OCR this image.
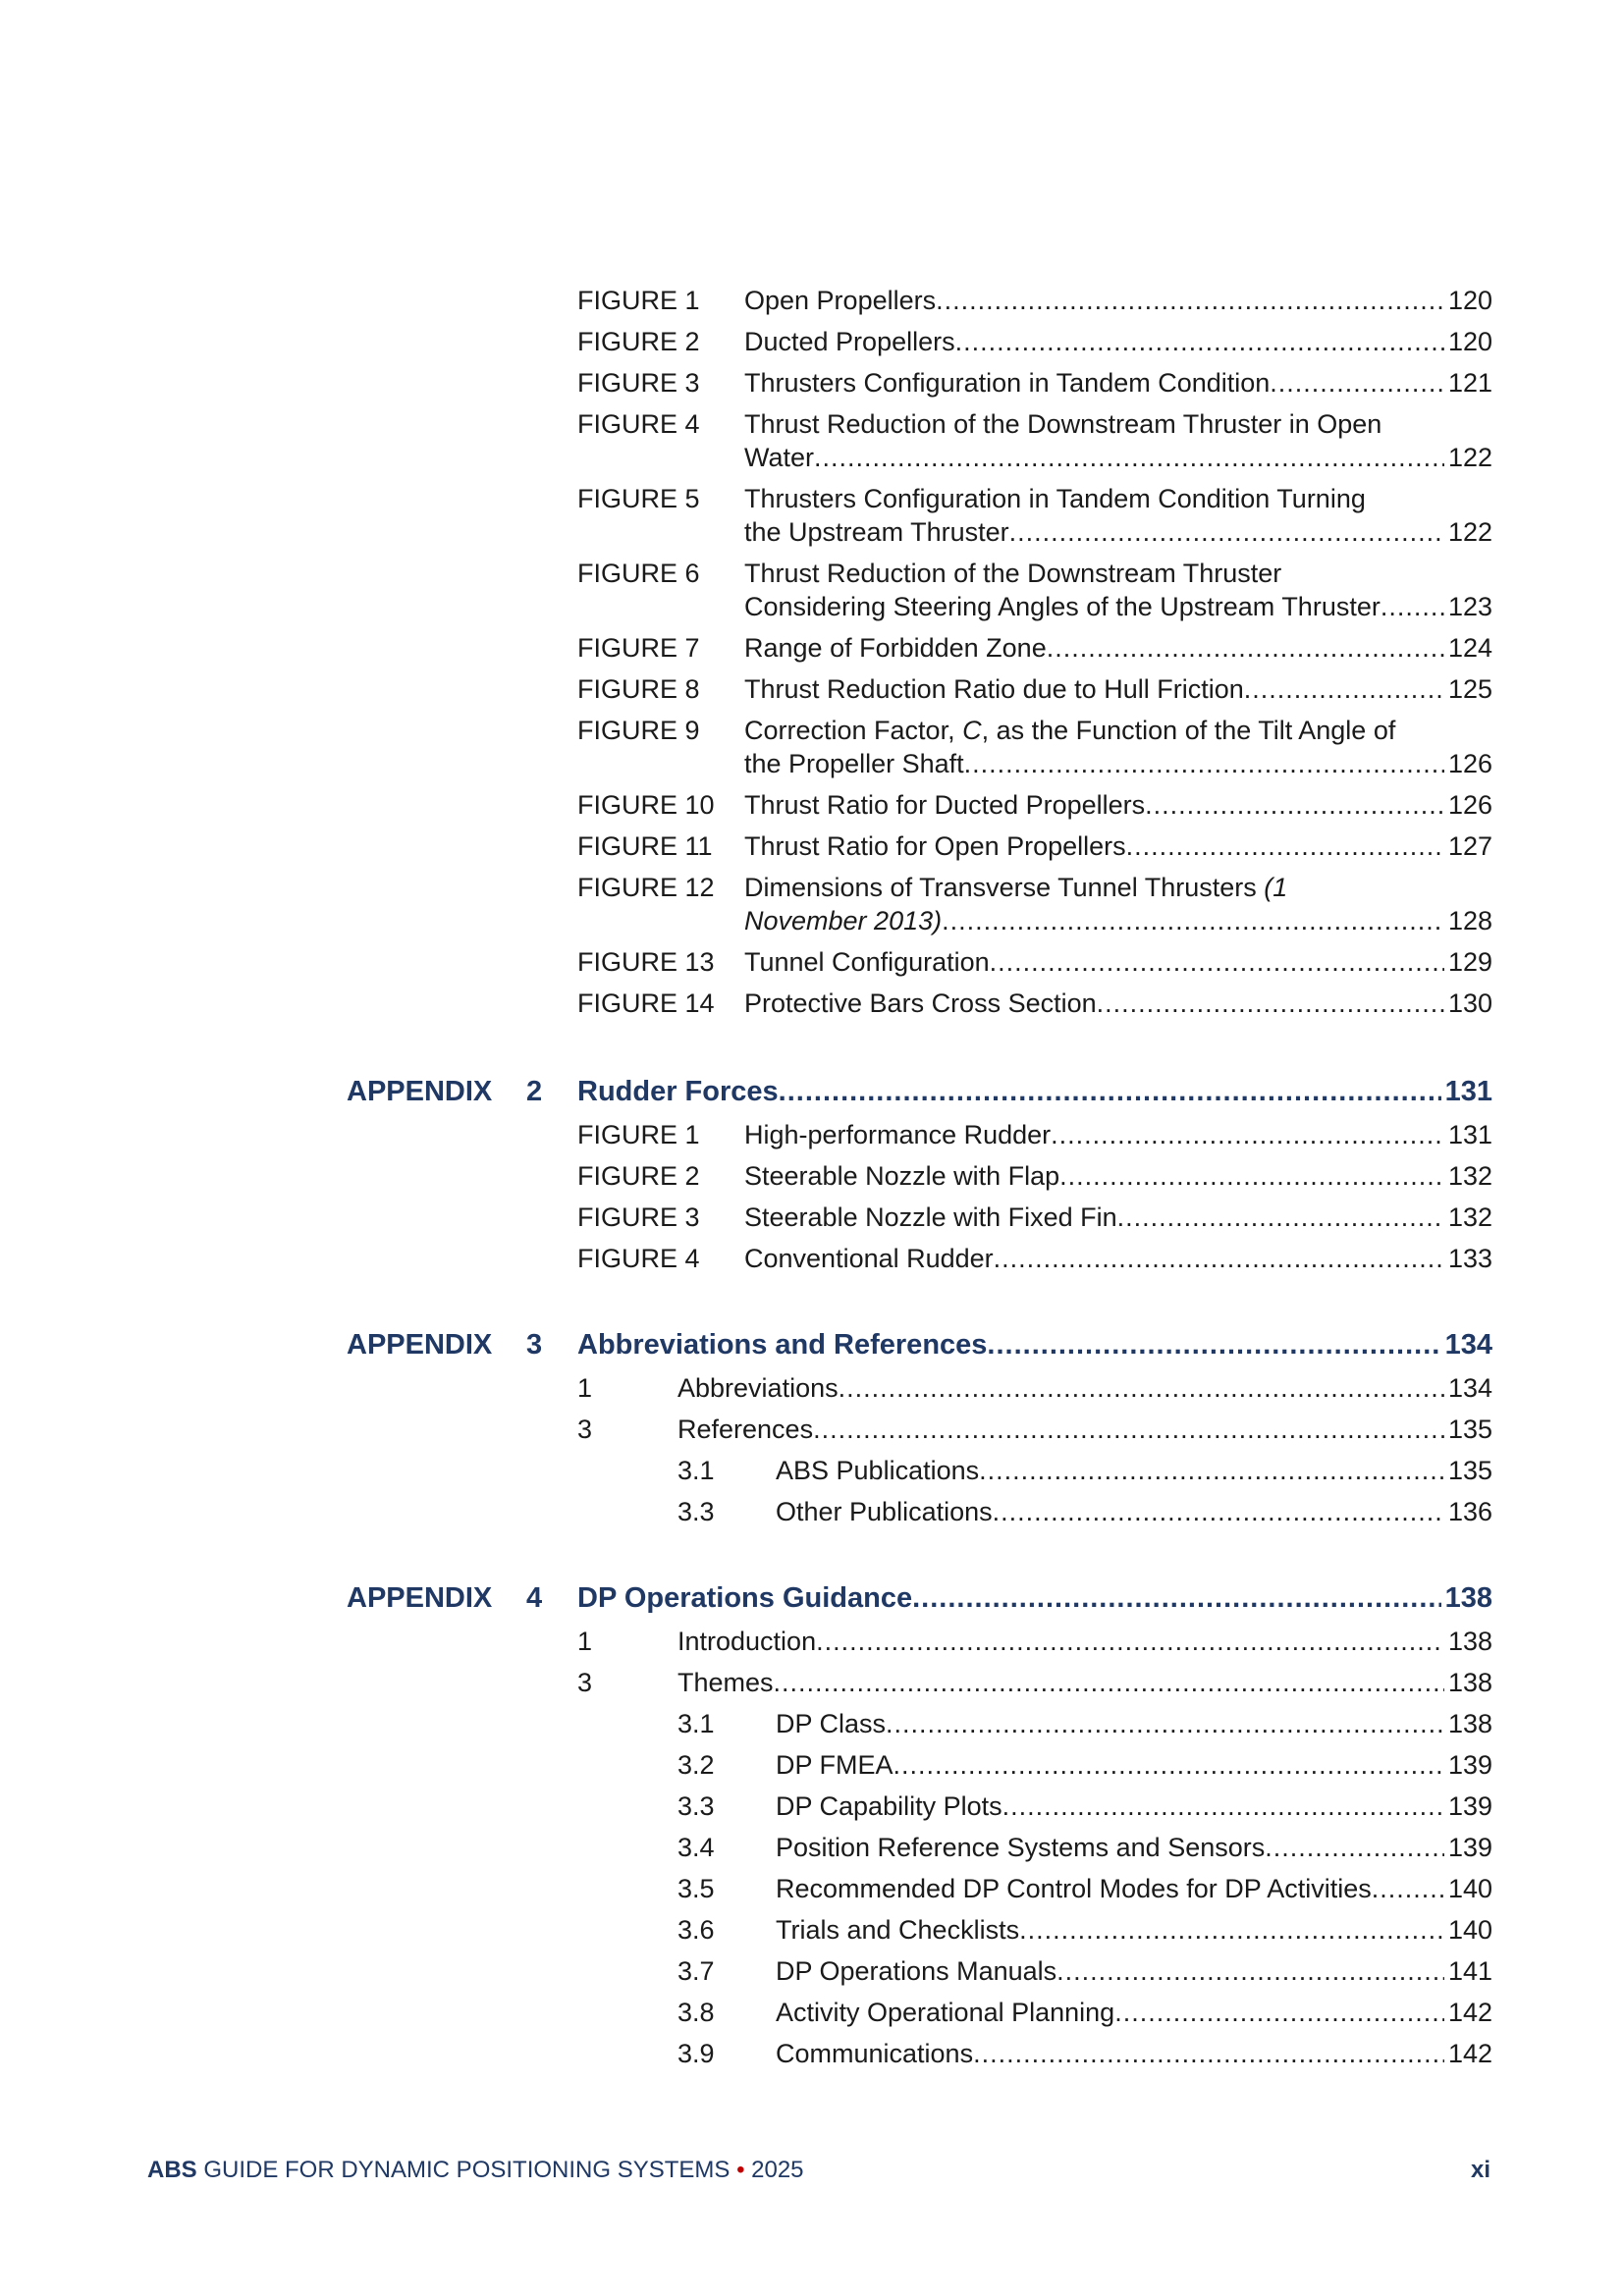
FIGURE 1 Open Propellers .....	120
FIGURE 2 Ducted Propellers .....	120
FIGURE 3 Thrusters Configuration in Tandem Condition .....	121
FIGURE 4 Thrust Reduction of the Downstream Thruster in Open
Water .....	122
FIGURE 5 Thrusters Configuration in Tandem Condition Turning
the Upstream Thruster .....	122
FIGURE 6 Thrust Reduction of the Downstream Thruster
Considering Steering Angles of the Upstream Thruster .....	123
FIGURE 7 Range of Forbidden Zone .....	124
FIGURE 8 Thrust Reduction Ratio due to Hull Friction .....	125
FIGURE 9 Correction Factor, C, as the Function of the Tilt Angle of
the Propeller Shaft .....	126
FIGURE 10 Thrust Ratio for Ducted Propellers .....	126
FIGURE 11 Thrust Ratio for Open Propellers .....	127
FIGURE 12 Dimensions of Transverse Tunnel Thrusters (1
November 2013) .....	128
FIGURE 13 Tunnel Configuration .....	129
FIGURE 14 Protective Bars Cross Section .....	130
APPENDIX 2 Rudder Forces .....	131
FIGURE 1 High-performance Rudder .....	131
FIGURE 2 Steerable Nozzle with Flap .....	132
FIGURE 3 Steerable Nozzle with Fixed Fin .....	132
FIGURE 4 Conventional Rudder .....	133
APPENDIX 3 Abbreviations and References .....	134
1	Abbreviations .....	134
3	References .....	135
3.1 ABS Publications .....	135
3.3 Other Publications .....	136
APPENDIX 4 DP Operations Guidance .....	138
1	Introduction .....	138
3	Themes .....	138
3.1 DP Class .....	138
3.2 DP FMEA .....	139
3.3 DP Capability Plots .....	139
3.4 Position Reference Systems and Sensors .....	139
3.5 Recommended DP Control Modes for DP Activities .....	140
3.6 Trials and Checklists .....	140
3.7 DP Operations Manuals .....	141
3.8 Activity Operational Planning .....	142
3.9 Communications .....	142
ABS GUIDE FOR DYNAMIC POSITIONING SYSTEMS • 2025	xi
